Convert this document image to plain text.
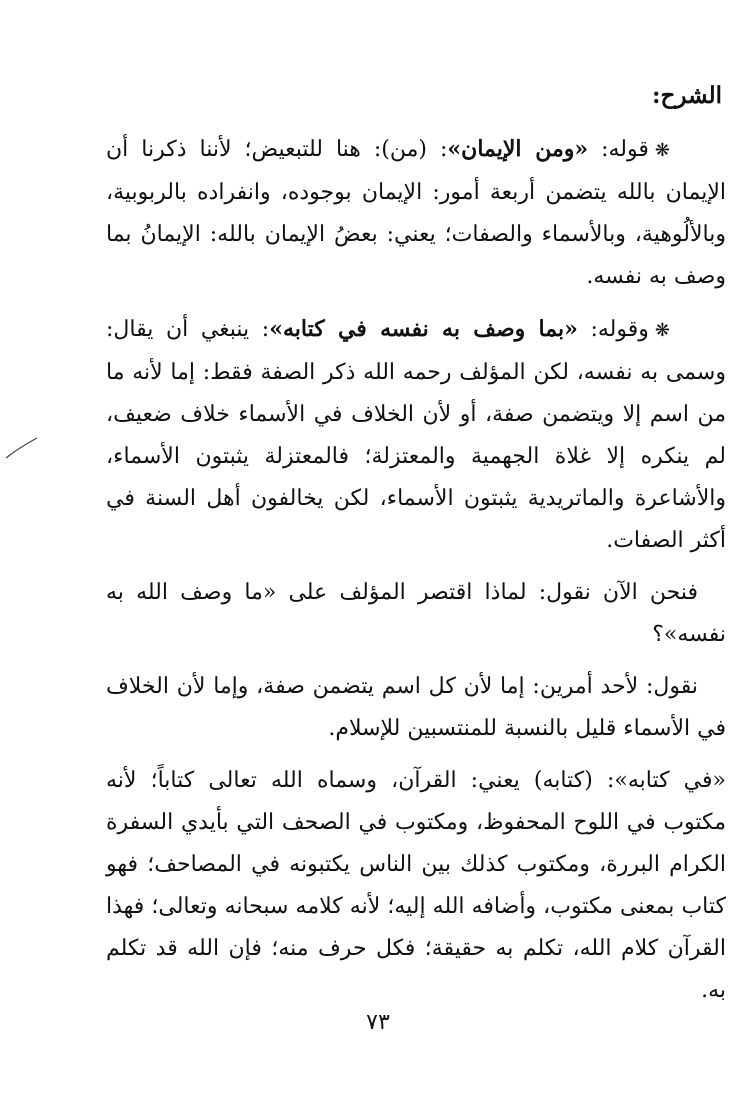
الشرح:

❋قوله: «ومن الإيمان»: (من): هنا للتبعيض؛ لأننا ذكرنا أن الإيمان بالله يتضمن أربعة أمور: الإيمان بوجوده، وانفراده بالربوبية، وبالألُوهية، وبالأسماء والصفات؛ يعني: بعضُ الإيمان بالله: الإيمانُ بما وصف به نفسه.

❋وقوله: «بما وصف به نفسه في كتابه»: ينبغي أن يقال: وسمى به نفسه، لكن المؤلف رحمه الله ذكر الصفة فقط: إما لأنه ما من اسم إلا ويتضمن صفة، أو لأن الخلاف في الأسماء خلاف ضعيف، لم ينكره إلا غلاة الجهمية والمعتزلة؛ فالمعتزلة يثبتون الأسماء، والأشاعرة والماتريدية يثبتون الأسماء، لكن يخالفون أهل السنة في أكثر الصفات.

فنحن الآن نقول: لماذا اقتصر المؤلف على «ما وصف الله به نفسه»؟

نقول: لأحد أمرين: إما لأن كل اسم يتضمن صفة، وإما لأن الخلاف في الأسماء قليل بالنسبة للمنتسبين للإسلام.

«في كتابه»: (كتابه) يعني: القرآن، وسماه الله تعالى كتاباً؛ لأنه مكتوب في اللوح المحفوظ، ومكتوب في الصحف التي بأيدي السفرة الكرام البررة، ومكتوب كذلك بين الناس يكتبونه في المصاحف؛ فهو كتاب بمعنى مكتوب، وأضافه الله إليه؛ لأنه كلامه سبحانه وتعالى؛ فهذا القرآن كلام الله، تكلم به حقيقة؛ فكل حرف منه؛ فإن الله قد تكلم به.

٧٣
